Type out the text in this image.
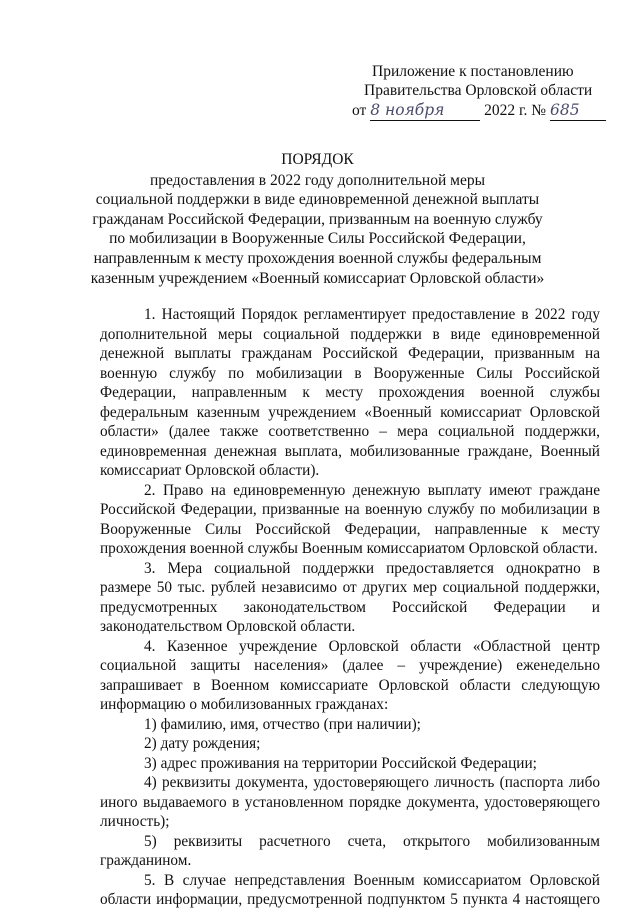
Приложение к постановлению
Правительства Орловской области
от 8 ноября	2022 г. № 685
ПОРЯДОК
предоставления в 2022 году дополнительной меры
социальной поддержки в виде единовременной денежной выплаты
гражданам Российской Федерации, призванным на военную службу
по мобилизации в Вооруженные Силы Российской Федерации,
направленным к месту прохождения военной службы федеральным
казенным учреждением «Военный комиссариат Орловской области»

1. Настоящий Порядок регламентирует предоставление в 2022 году дополнительной меры социальной поддержки в виде единовременной денежной выплаты гражданам Российской Федерации, призванным на военную службу по мобилизации в Вооруженные Силы Российской Федерации, направленным к месту прохождения военной службы федеральным казенным учреждением «Военный комиссариат Орловской области» (далее также соответственно – мера социальной поддержки, единовременная денежная выплата, мобилизованные граждане, Военный комиссариат Орловской области).

2. Право на единовременную денежную выплату имеют граждане Российской Федерации, призванные на военную службу по мобилизации в Вооруженные Силы Российской Федерации, направленные к месту прохождения военной службы Военным комиссариатом Орловской области.

3. Мера социальной поддержки предоставляется однократно в размере 50 тыс. рублей независимо от других мер социальной поддержки, предусмотренных законодательством Российской Федерации и законодательством Орловской области.

4. Казенное учреждение Орловской области «Областной центр социальной защиты населения» (далее – учреждение) еженедельно запрашивает в Военном комиссариате Орловской области следующую информацию о мобилизованных гражданах:

1) фамилию, имя, отчество (при наличии);

2) дату рождения;

3) адрес проживания на территории Российской Федерации;

4) реквизиты документа, удостоверяющего личность (паспорта либо иного выдаваемого в установленном порядке документа, удостоверяющего личность);

5) реквизиты расчетного счета, открытого мобилизованным гражданином.

5. В случае непредставления Военным комиссариатом Орловской области информации, предусмотренной подпунктом 5 пункта 4 настоящего
